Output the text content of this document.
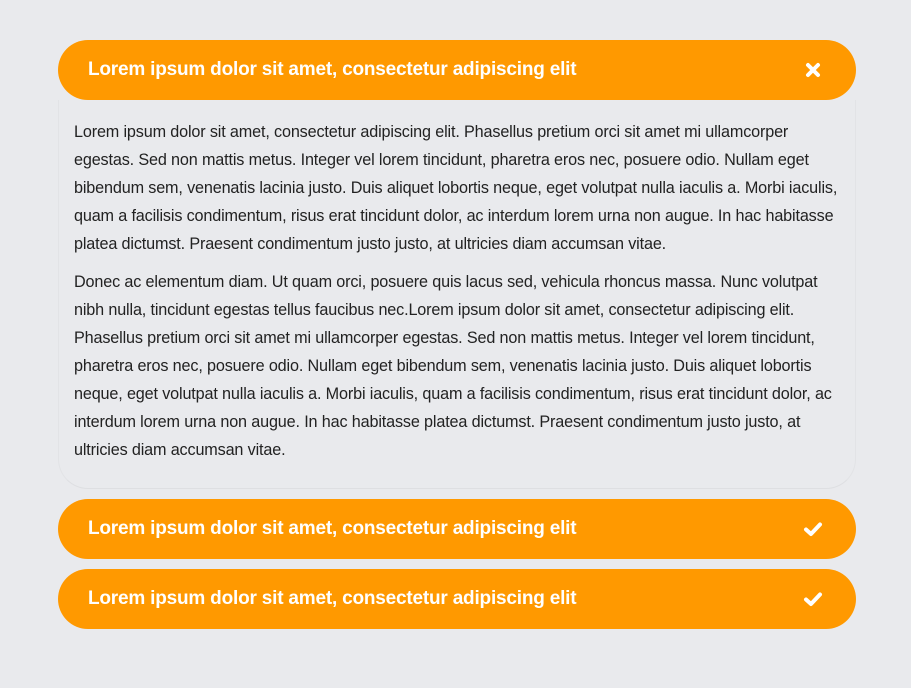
Lorem ipsum dolor sit amet, consectetur adipiscing elit

Lorem ipsum dolor sit amet, consectetur adipiscing elit. Phasellus pretium orci sit amet mi ullamcorper egestas. Sed non mattis metus. Integer vel lorem tincidunt, pharetra eros nec, posuere odio. Nullam eget bibendum sem, venenatis lacinia justo. Duis aliquet lobortis neque, eget volutpat nulla iaculis a. Morbi iaculis, quam a facilisis condimentum, risus erat tincidunt dolor, ac interdum lorem urna non augue. In hac habitasse platea dictumst. Praesent condimentum justo justo, at ultricies diam accumsan vitae.

Donec ac elementum diam. Ut quam orci, posuere quis lacus sed, vehicula rhoncus massa. Nunc volutpat nibh nulla, tincidunt egestas tellus faucibus nec.Lorem ipsum dolor sit amet, consectetur adipiscing elit. Phasellus pretium orci sit amet mi ullamcorper egestas. Sed non mattis metus. Integer vel lorem tincidunt, pharetra eros nec, posuere odio. Nullam eget bibendum sem, venenatis lacinia justo. Duis aliquet lobortis neque, eget volutpat nulla iaculis a. Morbi iaculis, quam a facilisis condimentum, risus erat tincidunt dolor, ac interdum lorem urna non augue. In hac habitasse platea dictumst. Praesent condimentum justo justo, at ultricies diam accumsan vitae.

Lorem ipsum dolor sit amet, consectetur adipiscing elit
Lorem ipsum dolor sit amet, consectetur adipiscing elit
